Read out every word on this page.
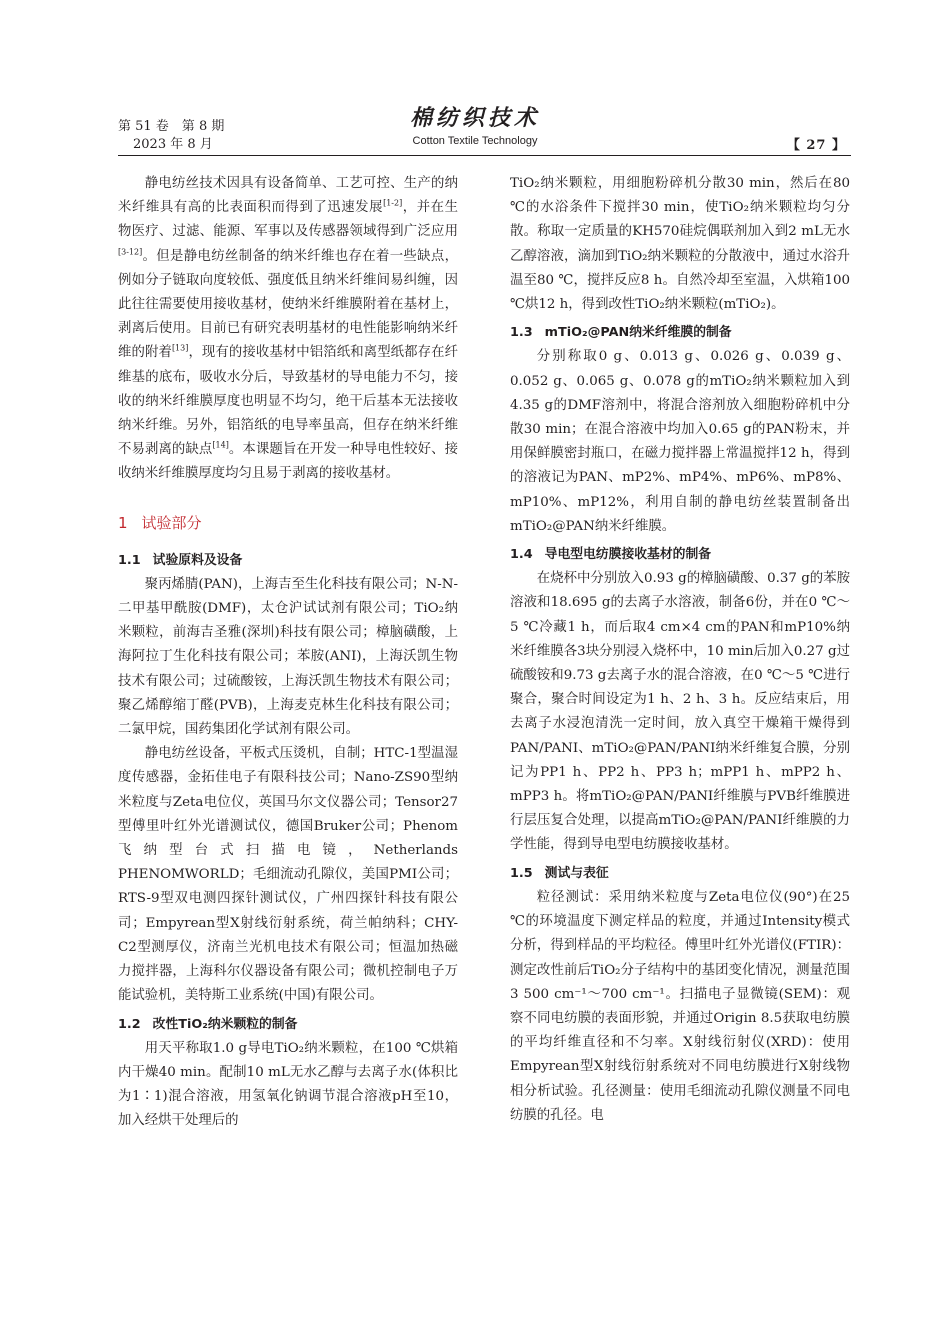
第 51 卷　第 8 期
2023 年 8 月
棉纺织技术
Cotton Textile Technology	【 27 】

静电纺丝技术因具有设备简单、工艺可控、生产的纳米纤维具有高的比表面积而得到了迅速发展[1-2]，并在生物医疗、过滤、能源、军事以及传感器领域得到广泛应用[3-12]。但是静电纺丝制备的纳米纤维也存在着一些缺点，例如分子链取向度较低、强度低且纳米纤维间易纠缠，因此往往需要使用接收基材，使纳米纤维膜附着在基材上，剥离后使用。目前已有研究表明基材的电性能影响纳米纤维的附着[13]，现有的接收基材中铝箔纸和离型纸都存在纤维基的底布，吸收水分后，导致基材的导电能力不匀，接收的纳米纤维膜厚度也明显不均匀，绝干后基本无法接收纳米纤维。另外，铝箔纸的电导率虽高，但存在纳米纤维不易剥离的缺点[14]。本课题旨在开发一种导电性较好、接收纳米纤维膜厚度均匀且易于剥离的接收基材。

1 试验部分
1.1 试验原料及设备

聚丙烯腈(PAN)，上海吉至生化科技有限公司；N-N-二甲基甲酰胺(DMF)，太仓沪试试剂有限公司；TiO₂纳米颗粒，前海吉圣雅(深圳)科技有限公司；樟脑磺酸，上海阿拉丁生化科技有限公司；苯胺(ANI)，上海沃凯生物技术有限公司；过硫酸铵，上海沃凯生物技术有限公司；聚乙烯醇缩丁醛(PVB)，上海麦克林生化科技有限公司；二氯甲烷，国药集团化学试剂有限公司。

静电纺丝设备，平板式压烫机，自制；HTC-1型温湿度传感器，金拓佳电子有限科技公司；Nano-ZS90型纳米粒度与Zeta电位仪，英国马尔文仪器公司；Tensor27型傅里叶红外光谱测试仪，德国Bruker公司；Phenom飞纳型台式扫描电镜，Netherlands PHENOMWORLD；毛细流动孔隙仪，美国PMI公司；RTS-9型双电测四探针测试仪，广州四探针科技有限公司；Empyrean型X射线衍射系统，荷兰帕纳科；CHY-C2型测厚仪，济南兰光机电技术有限公司；恒温加热磁力搅拌器，上海科尔仪器设备有限公司；微机控制电子万能试验机，美特斯工业系统(中国)有限公司。

1.2 改性TiO₂纳米颗粒的制备

用天平称取1.0 g导电TiO₂纳米颗粒，在100 ℃烘箱内干燥40 min。配制10 mL无水乙醇与去离子水(体积比为1∶1)混合溶液，用氢氧化钠调节混合溶液pH至10，加入经烘干处理后的

TiO₂纳米颗粒，用细胞粉碎机分散30 min，然后在80 ℃的水浴条件下搅拌30 min，使TiO₂纳米颗粒均匀分散。称取一定质量的KH570硅烷偶联剂加入到2 mL无水乙醇溶液，滴加到TiO₂纳米颗粒的分散液中，通过水浴升温至80 ℃，搅拌反应8 h。自然冷却至室温，入烘箱100 ℃烘12 h，得到改性TiO₂纳米颗粒(mTiO₂)。

1.3 mTiO₂@PAN纳米纤维膜的制备

分别称取0 g、0.013 g、0.026 g、0.039 g、0.052 g、0.065 g、0.078 g的mTiO₂纳米颗粒加入到4.35 g的DMF溶剂中，将混合溶剂放入细胞粉碎机中分散30 min；在混合溶液中均加入0.65 g的PAN粉末，并用保鲜膜密封瓶口，在磁力搅拌器上常温搅拌12 h，得到的溶液记为PAN、mP2%、mP4%、mP6%、mP8%、mP10%、mP12%，利用自制的静电纺丝装置制备出mTiO₂@PAN纳米纤维膜。

1.4 导电型电纺膜接收基材的制备

在烧杯中分别放入0.93 g的樟脑磺酸、0.37 g的苯胺溶液和18.695 g的去离子水溶液，制备6份，并在0 ℃～5 ℃冷藏1 h，而后取4 cm×4 cm的PAN和mP10%纳米纤维膜各3块分别浸入烧杯中，10 min后加入0.27 g过硫酸铵和9.73 g去离子水的混合溶液，在0 ℃～5 ℃进行聚合，聚合时间设定为1 h、2 h、3 h。反应结束后，用去离子水浸泡清洗一定时间，放入真空干燥箱干燥得到PAN/PANI、mTiO₂@PAN/PANI纳米纤维复合膜，分别记为PP1 h、PP2 h、PP3 h；mPP1 h、mPP2 h、mPP3 h。将mTiO₂@PAN/PANI纤维膜与PVB纤维膜进行层压复合处理，以提高mTiO₂@PAN/PANI纤维膜的力学性能，得到导电型电纺膜接收基材。

1.5 测试与表征

粒径测试：采用纳米粒度与Zeta电位仪(90°)在25 ℃的环境温度下测定样品的粒度，并通过Intensity模式分析，得到样品的平均粒径。傅里叶红外光谱仪(FTIR)：测定改性前后TiO₂分子结构中的基团变化情况，测量范围3 500 cm⁻¹～700 cm⁻¹。扫描电子显微镜(SEM)：观察不同电纺膜的表面形貌，并通过Origin 8.5获取电纺膜的平均纤维直径和不匀率。X射线衍射仪(XRD)：使用Empyrean型X射线衍射系统对不同电纺膜进行X射线物相分析试验。孔径测量：使用毛细流动孔隙仪测量不同电纺膜的孔径。电
